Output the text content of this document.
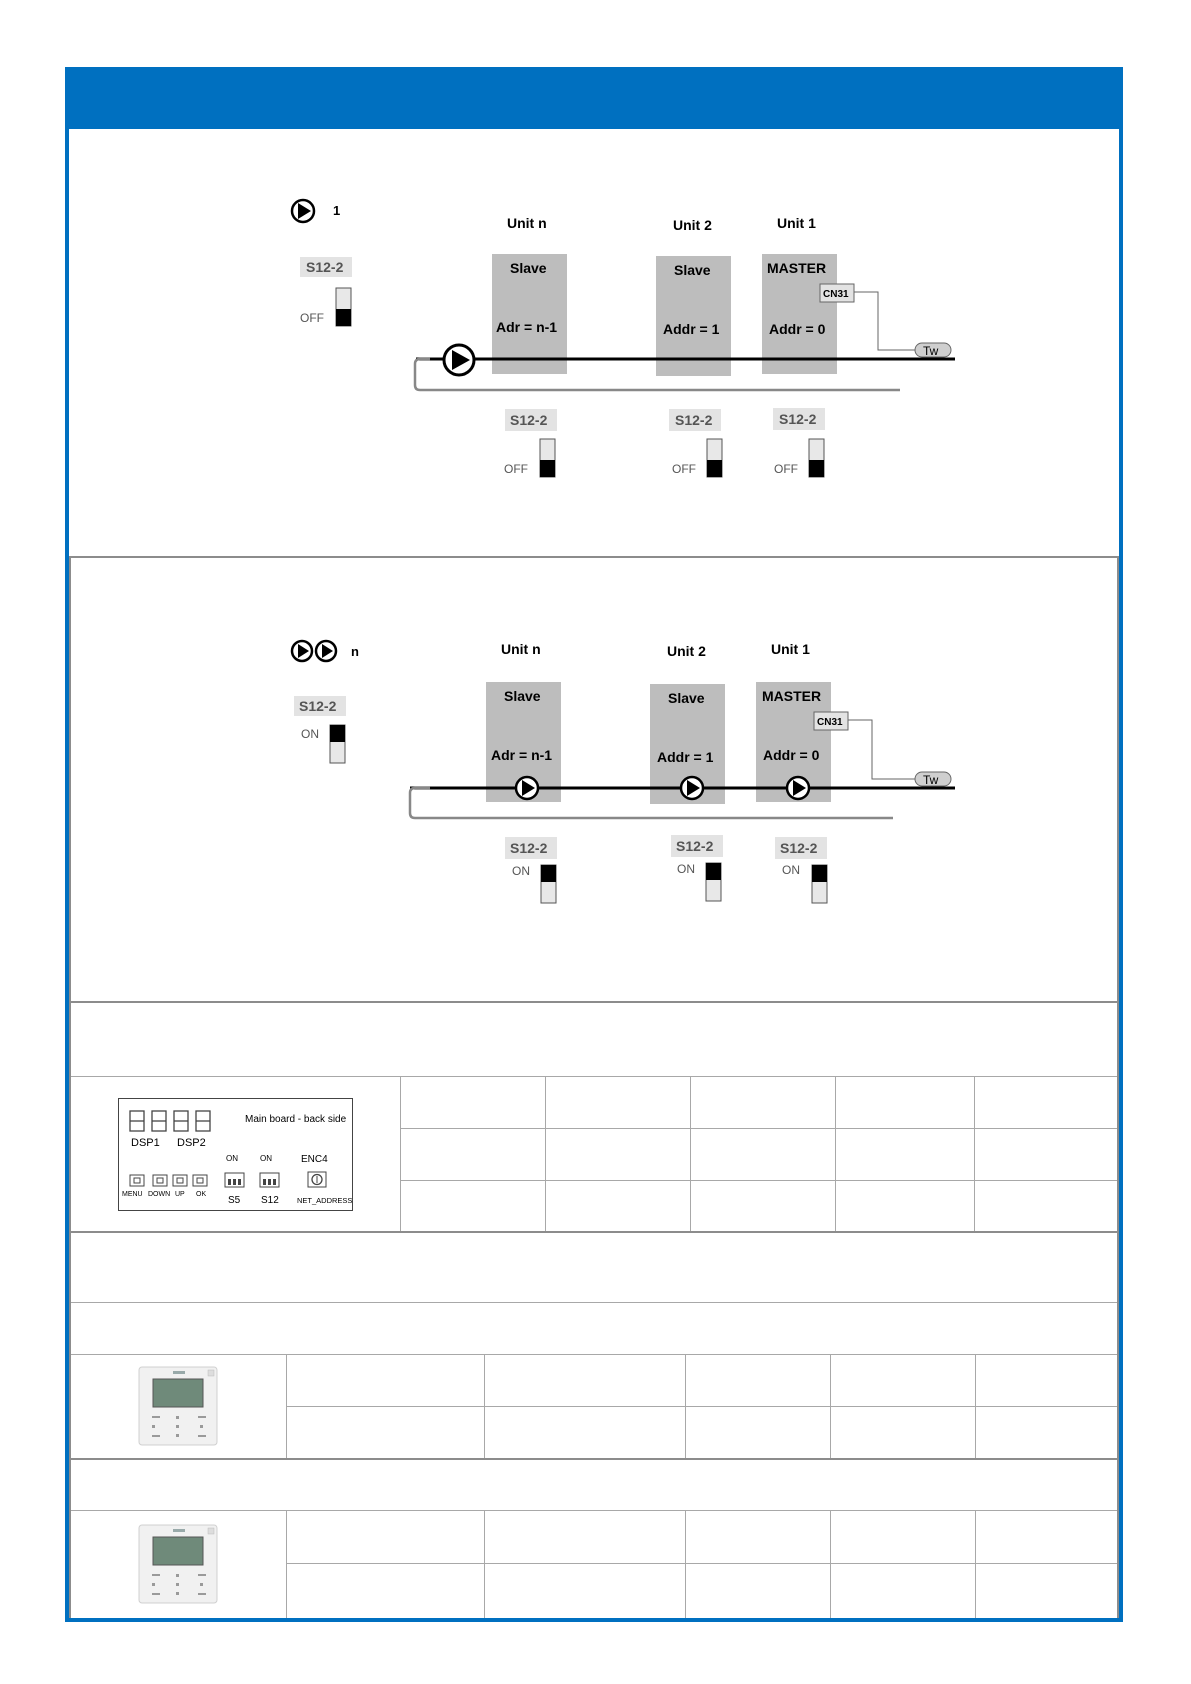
1
S12-2
OFF
Unit n	Unit 2	Unit 1
Slave	Slave	MASTER
Adr = n-1	Addr = 1	Addr = 0
CN31
Tw
S12-2
OFF
S12-2
OFF
S12-2
OFF
n
S12-2
ON
Unit n	Unit 2	Unit 1
Slave	Slave	MASTER
Adr = n-1	Addr = 1	Addr = 0
CN31
Tw
S12-2
ON
S12-2
ON
S12-2
ON
Main board - back side
DSP1 DSP2
MENU DOWN UP OK
ON	ON
S5 S12
ENC4
NET_ADDRESS
